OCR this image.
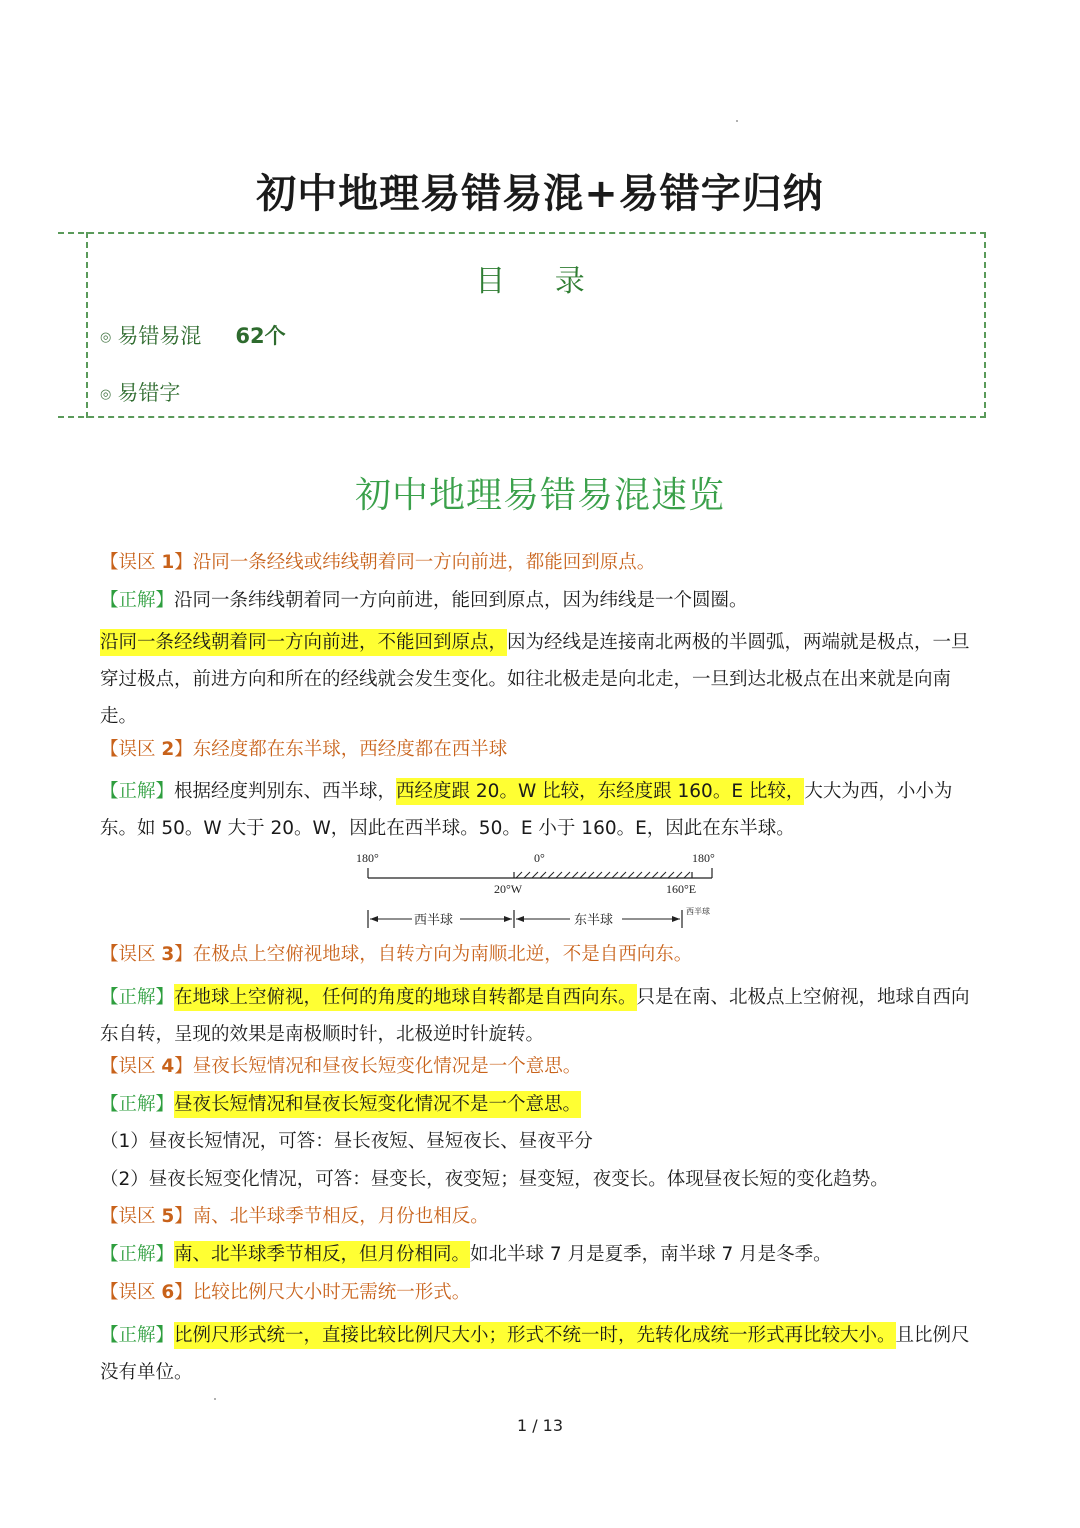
初中地理易错易混+易错字归纳
目 录
◎ 易错易混 62个
◎ 易错字
初中地理易错易混速览
【误区 1】沿同一条经线或纬线朝着同一方向前进，都能回到原点。
【正解】沿同一条纬线朝着同一方向前进，能回到原点，因为纬线是一个圆圈。
沿同一条经线朝着同一方向前进，不能回到原点，因为经线是连接南北两极的半圆弧，两端就是极点，一旦穿过极点，前进方向和所在的经线就会发生变化。如往北极走是向北走，一旦到达北极点在出来就是向南走。
【误区 2】东经度都在东半球，西经度都在西半球
【正解】根据经度判别东、西半球，西经度跟 20。W 比较，东经度跟 160。E 比较，大大为西，小小为东。如 50。W 大于 20。W，因此在西半球。50。E 小于 160。E，因此在东半球。
180°	0°	180°
20°W	160°E
西半球	东半球
西半球
【误区 3】在极点上空俯视地球，自转方向为南顺北逆，不是自西向东。
【正解】在地球上空俯视，任何的角度的地球自转都是自西向东。只是在南、北极点上空俯视，地球自西向东自转，呈现的效果是南极顺时针，北极逆时针旋转。
【误区 4】昼夜长短情况和昼夜长短变化情况是一个意思。
【正解】昼夜长短情况和昼夜长短变化情况不是一个意思。
（1）昼夜长短情况，可答：昼长夜短、昼短夜长、昼夜平分
（2）昼夜长短变化情况，可答：昼变长，夜变短；昼变短，夜变长。体现昼夜长短的变化趋势。
【误区 5】南、北半球季节相反，月份也相反。
【正解】南、北半球季节相反，但月份相同。如北半球 7 月是夏季，南半球 7 月是冬季。
【误区 6】比较比例尺大小时无需统一形式。
【正解】比例尺形式统一，直接比较比例尺大小；形式不统一时，先转化成统一形式再比较大小。且比例尺没有单位。
1 / 13
